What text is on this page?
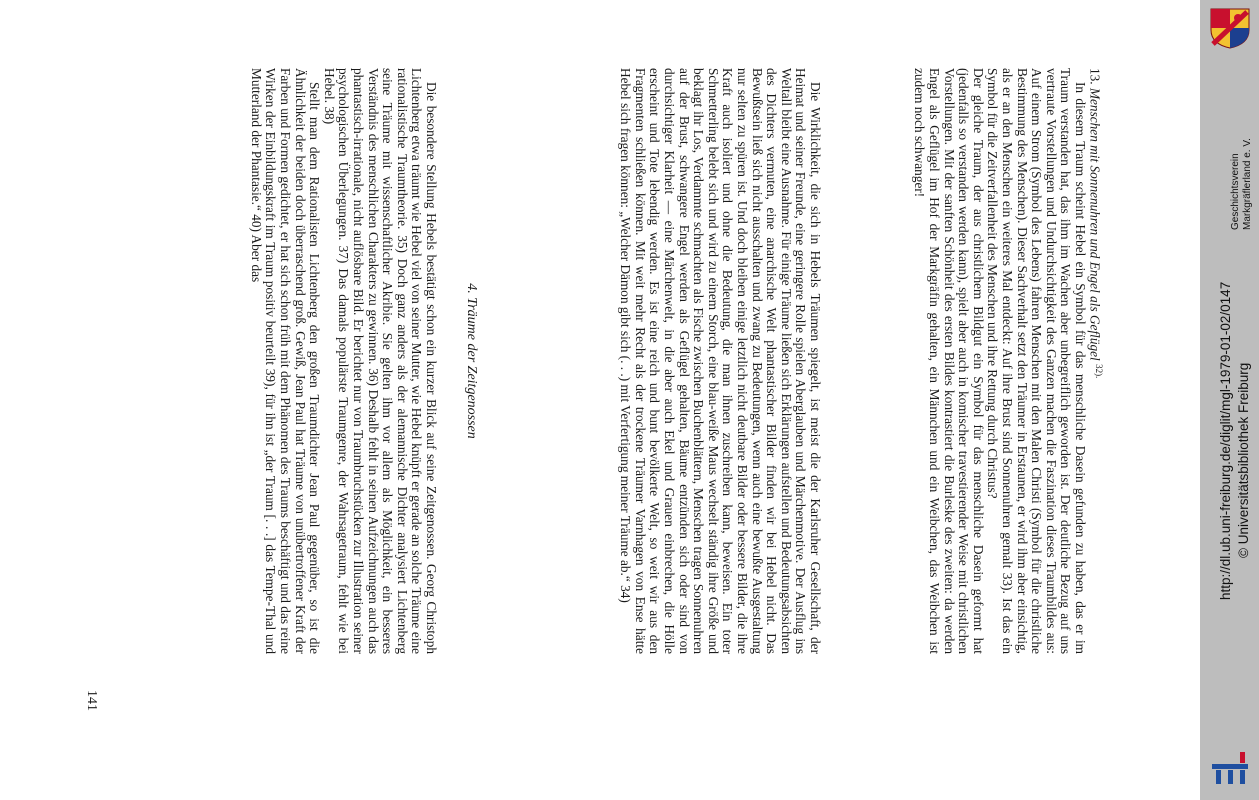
13. Menschen mit Sonnenuhren und Engel als Geflügel $^{32).}$

In diesem Traum scheint Hebel ein Symbol für das menschliche Dasein gefunden zu haben, das er im Traum verstanden hat, das ihm im Wachen aber unbegreiflich geworden ist. Der deutliche Bezug auf uns vertraute Vorstellungen und Undurchsichtigkeit des Ganzen machen die Faszination dieses Traumbildes aus: Auf einem Strom (Symbol des Lebens) fahren Menschen mit den Malen Christi (Symbol für die christliche Bestimmung des Menschen). Dieser Sachverhalt setzt den Träumer in Erstaunen, er wird ihm aber einsichtig, als er an den Menschen ein weiteres Mal entdeckt: Auf ihre Brust sind Sonnenuhren gemalt 33). Ist das ein Symbol für die Zeitverfallenheit des Menschen und ihre Rettung durch Christus?

Der gleiche Traum, der aus christlichem Bildgut ein Symbol für das menschliche Dasein geformt hat (jedenfalls so verstanden werden kann), spielt aber auch in komischer travestierender Weise mit christlichen Vorstellungen. Mit der sanften Schönheit des ersten Bildes kontrastiert die Burleske des zweiten: da werden Engel als Geflügel im Hof der Markgräfin gehalten, ein Männchen und ein Weibchen, das Weibchen ist zudem noch schwanger!

Die Wirklichkeit, die sich in Hebels Träumen spiegelt, ist meist die der Karlsruher Gesellschaft, der Heimat und seiner Freunde, eine geringere Rolle spielen Aberglauben und Märchenmotive. Der Ausflug ins Weltall bleibt eine Ausnahme. Für einige Träume ließen sich Erklärungen aufstellen und Bedeutungsabsichten des Dichters vermuten, eine anarchische Welt phantastischer Bilder finden wir bei Hebel nicht. Das Bewußtsein ließ sich nicht ausschalten und zwang zu Bedeutungen, wenn auch eine bewußte Ausgestaltung nur selten zu spüren ist. Und doch bleiben einige letztlich nicht deutbare Bilder oder bessere Bilder, die ihre Kraft auch isoliert und ohne die Bedeutung, die man ihnen zuschreiben kann, beweisen. Ein toter Schmetterling belebt sich und wird zu einem Storch, eine blau-weiße Maus wechselt ständig ihre Größe und beklagt ihr Los, Verdammte schmachten als Fische zwischen Buchenblättern, Menschen tragen Sonnenuhren auf der Brust, schwangere Engel werden als Geflügel gehalten, Bäume entzünden sich oder sind von durchsichtiger Klarheit — eine Märchenwelt, in die aber auch Ekel und Grauen einbrechen, die Hölle erscheint und Tote lebendig werden. Es ist eine reich und bunt bevölkerte Welt, so weit wir aus den Fragmenten schließen können. Mit weit mehr Recht als der trockene Träumer Varnhagen von Ense hätte Hebel sich fragen können: „Welcher Dämon gibt sich (. . .) mit Verfertigung meiner Träume ab.“ 34)

4. Träume der Zeitgenossen

Die besondere Stellung Hebels bestätigt schon ein kurzer Blick auf seine Zeitgenossen. Georg Christoph Lichtenberg etwa träumt wie Hebel viel von seiner Mutter, wie Hebel knüpft er gerade an solche Träume eine rationalistische Traumtheorie. 35) Doch ganz anders als der alemannische Dichter analysiert Lichtenberg seine Träume mit wissenschaftlicher Akribie. Sie gelten ihm vor allem als Möglichkeit, ein besseres Verständnis des menschlichen Charakters zu gewinnen. 36) Deshalb fehlt in seinen Aufzeichnungen auch das phantastisch-irrationale, nicht auflösbare Bild. Er berichtet nur von Traumbruchstücken zur Illustration seiner psychologischen Überlegungen. 37) Das damals populärste Traumgenre, der Wahrsagetraum, fehlt wie bei Hebel. 38)

Stellt man dem Rationalisten Lichtenberg den großen Traumdichter Jean Paul gegenüber, so ist die Ähnlichkeit der beiden doch überraschend groß. Gewiß, Jean Paul hat Träume von unübertroffener Kraft der Farben und Formen gedichtet, er hat sich schon früh mit dem Phänomen des Traums beschäftigt und das reine Wirken der Einbildungskraft im Traum positiv beurteilt 39), für ihn ist „der Traum [. . .] das Tempe-Thal und Mutterland der Phantasie.“ 40) Aber das

141
http://dl.ub.uni-freiburg.de/diglit/mgl-1979-01-02/0147 © Universitätsbibliothek Freiburg
Geschichtsverein Markgräflerland e. V.
